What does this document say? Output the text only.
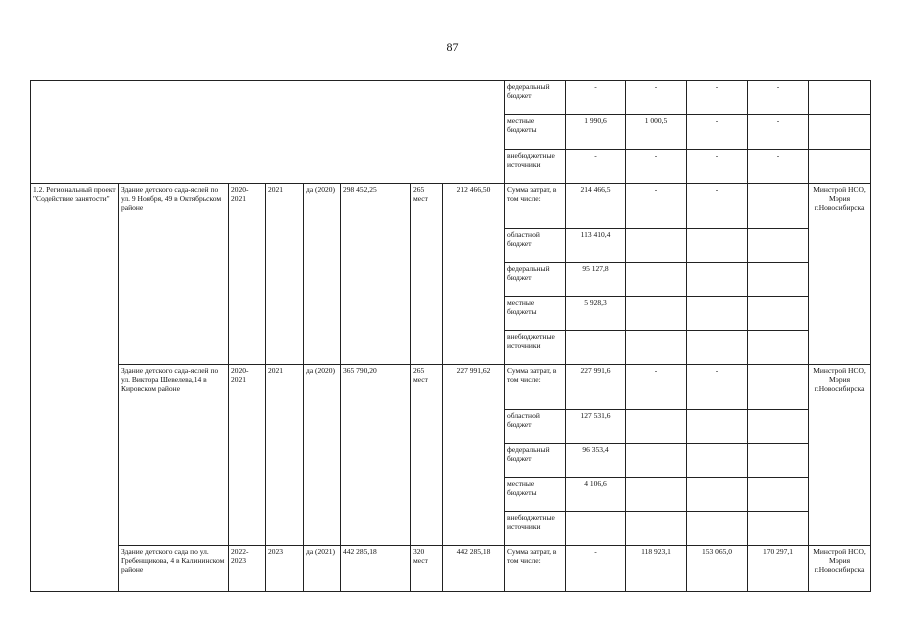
87
								федеральный бюджет	-	-	-	-	
								местные бюджеты	1 990,6	1 000,5	-	-	
								внебюджетные источники	-	-	-	-	
1.2. Региональный проект "Содействие занятости"	Здание детского сада-яслей по ул. 9 Ноября, 49 в Октябрьском районе	2020-2021	2021	да (2020)	298 452,25	265 мест	212 466,50	Сумма затрат, в том числе:	214 466,5	-	-		Минстрой НСО, Мэрия г.Новосибирска
								областной бюджет	113 410,4				
								федеральный бюджет	95 127,8				
								местные бюджеты	5 928,3				
								внебюджетные источники					
	Здание детского сада-яслей по ул. Виктора Шевелева,14 в Кировском районе	2020-2021	2021	да (2020)	365 790,20	265 мест	227 991,62	Сумма затрат, в том числе:	227 991,6	-	-		Минстрой НСО, Мэрия г.Новосибирска
								областной бюджет	127 531,6				
								федеральный бюджет	96 353,4				
								местные бюджеты	4 106,6				
								внебюджетные источники					
	Здание детского сада по ул. Гребенщикова, 4 в Калининском районе	2022-2023	2023	да (2021)	442 285,18	320 мест	442 285,18	Сумма затрат, в том числе:	-	118 923,1	153 065,0	170 297,1	Минстрой НСО, Мэрия г.Новосибирска
